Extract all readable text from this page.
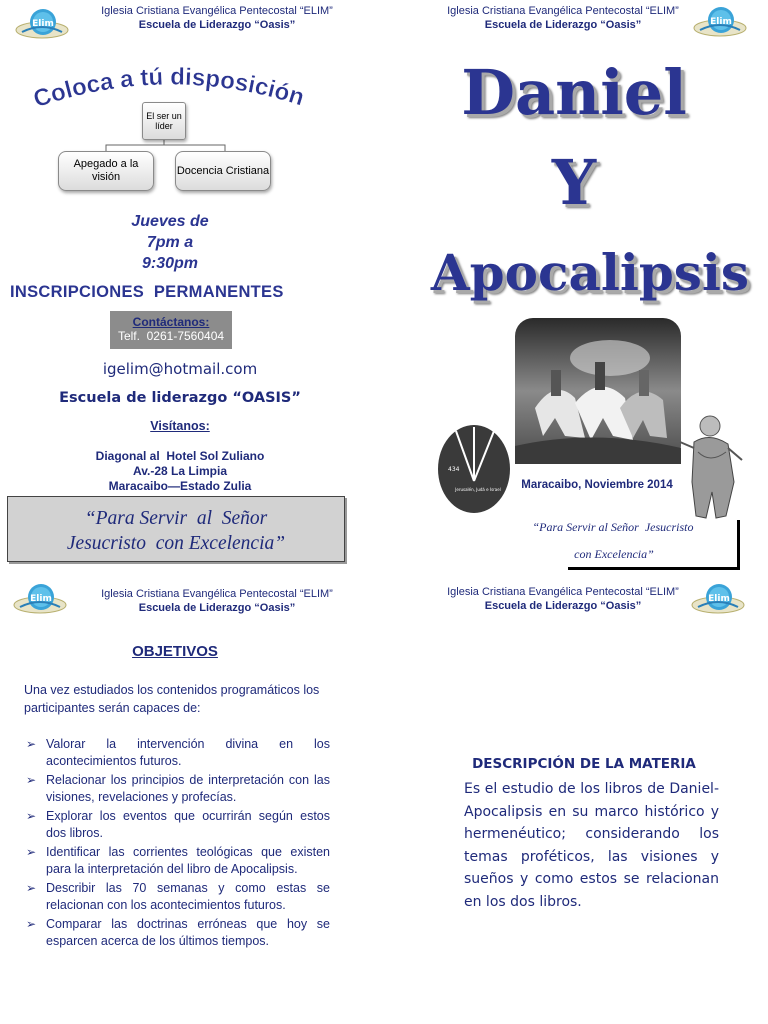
Elim
Iglesia Cristiana Evangélica Pentecostal “ELIM”
Escuela de Liderazgo “Oasis”
Coloca a tú disposición
El ser un líder
Apegado a la visión
Docencia Cristiana
Jueves de
7pm a
9:30pm
INSCRIPCIONES  PERMANENTES
Contáctanos:
Telf.  0261-7560404
igelim@hotmail.com
Escuela de liderazgo “OASIS”
Visítanos:
Diagonal al  Hotel Sol Zuliano
Av.-28 La Limpia
Maracaibo—Estado Zulia
“Para Servir  al  Señor
Jesucristo  con Excelencia”
Iglesia Cristiana Evangélica Pentecostal “ELIM”
Escuela de Liderazgo “Oasis”	Elim
Daniel
Y
Apocalipsis
483	49
434
Jerusalén, Judá e Israel	Maracaibo, Noviembre 2014
“Para Servir al Señor  Jesucristo
con Excelencia”
Elim	Iglesia Cristiana Evangélica Pentecostal “ELIM”
Escuela de Liderazgo “Oasis”
OBJETIVOS
Una vez estudiados los contenidos programáticos los participantes serán capaces de:
➢ Valorar la intervención divina en los acontecimientos futuros.
➢ Relacionar los principios de interpretación con las visiones, revelaciones y profecías.
➢ Explorar los eventos que ocurrirán según estos dos libros.
➢ Identificar las corrientes teológicas que existen para la interpretación del libro de Apocalipsis.
➢ Describir las 70 semanas y como estas se relacionan con los acontecimientos futuros.
➢ Comparar las doctrinas erróneas que hoy se esparcen acerca de los últimos tiempos.
Iglesia Cristiana Evangélica Pentecostal “ELIM”
Escuela de Liderazgo “Oasis”
Elim
DESCRIPCIÓN DE LA MATERIA
Es el estudio de los libros de Daniel-Apocalipsis en su marco histórico y hermenéutico; considerando los temas proféticos, las visiones y sueños y como estos se relacionan en los dos libros.
